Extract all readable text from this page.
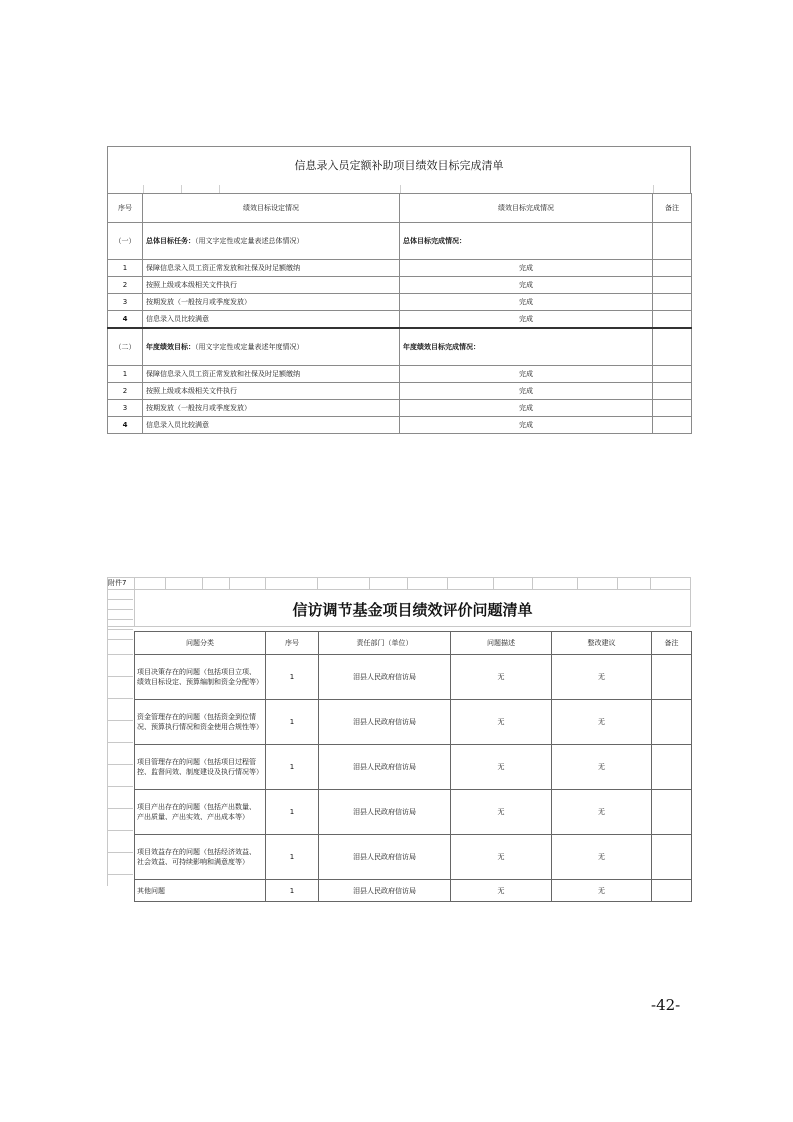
信息录入员定额补助项目绩效目标完成清单
序号	绩效目标设定情况	绩效目标完成情况	备注
（一）	总体目标任务：（用文字定性或定量表述总体情况）	总体目标完成情况：	
1	保障信息录入员工资正常发放和社保及时足额缴纳	完成	
2	按照上级或本级相关文件执行	完成	
3	按期发放（一般按月或季度发放）	完成	
4	信息录入员比较满意	完成	
（二）	年度绩效目标：（用文字定性或定量表述年度情况）	年度绩效目标完成情况：	
1	保障信息录入员工资正常发放和社保及时足额缴纳	完成	
2	按照上级或本级相关文件执行	完成	
3	按期发放（一般按月或季度发放）	完成	
4	信息录入员比较满意	完成	
附件7
信访调节基金项目绩效评价问题清单
问题分类	序号	责任部门（单位）	问题描述	整改建议	备注
项目决策存在的问题（包括项目立项、绩效目标设定、预算编制和资金分配等）	1	泪县人民政府信访局	无	无	
资金管理存在的问题（包括资金到位情况、预算执行情况和资金使用合规性等）	1	泪县人民政府信访局	无	无	
项目管理存在的问题（包括项目过程管控、监督问效、制度建设及执行情况等）	1	泪县人民政府信访局	无	无	
项目产出存在的问题（包括产出数量、产出质量、产出实效、产出成本等）	1	泪县人民政府信访局	无	无	
项目效益存在的问题（包括经济效益、社会效益、可持续影响和满意度等）	1	泪县人民政府信访局	无	无	
其他问题	1	泪县人民政府信访局	无	无	
-42-
